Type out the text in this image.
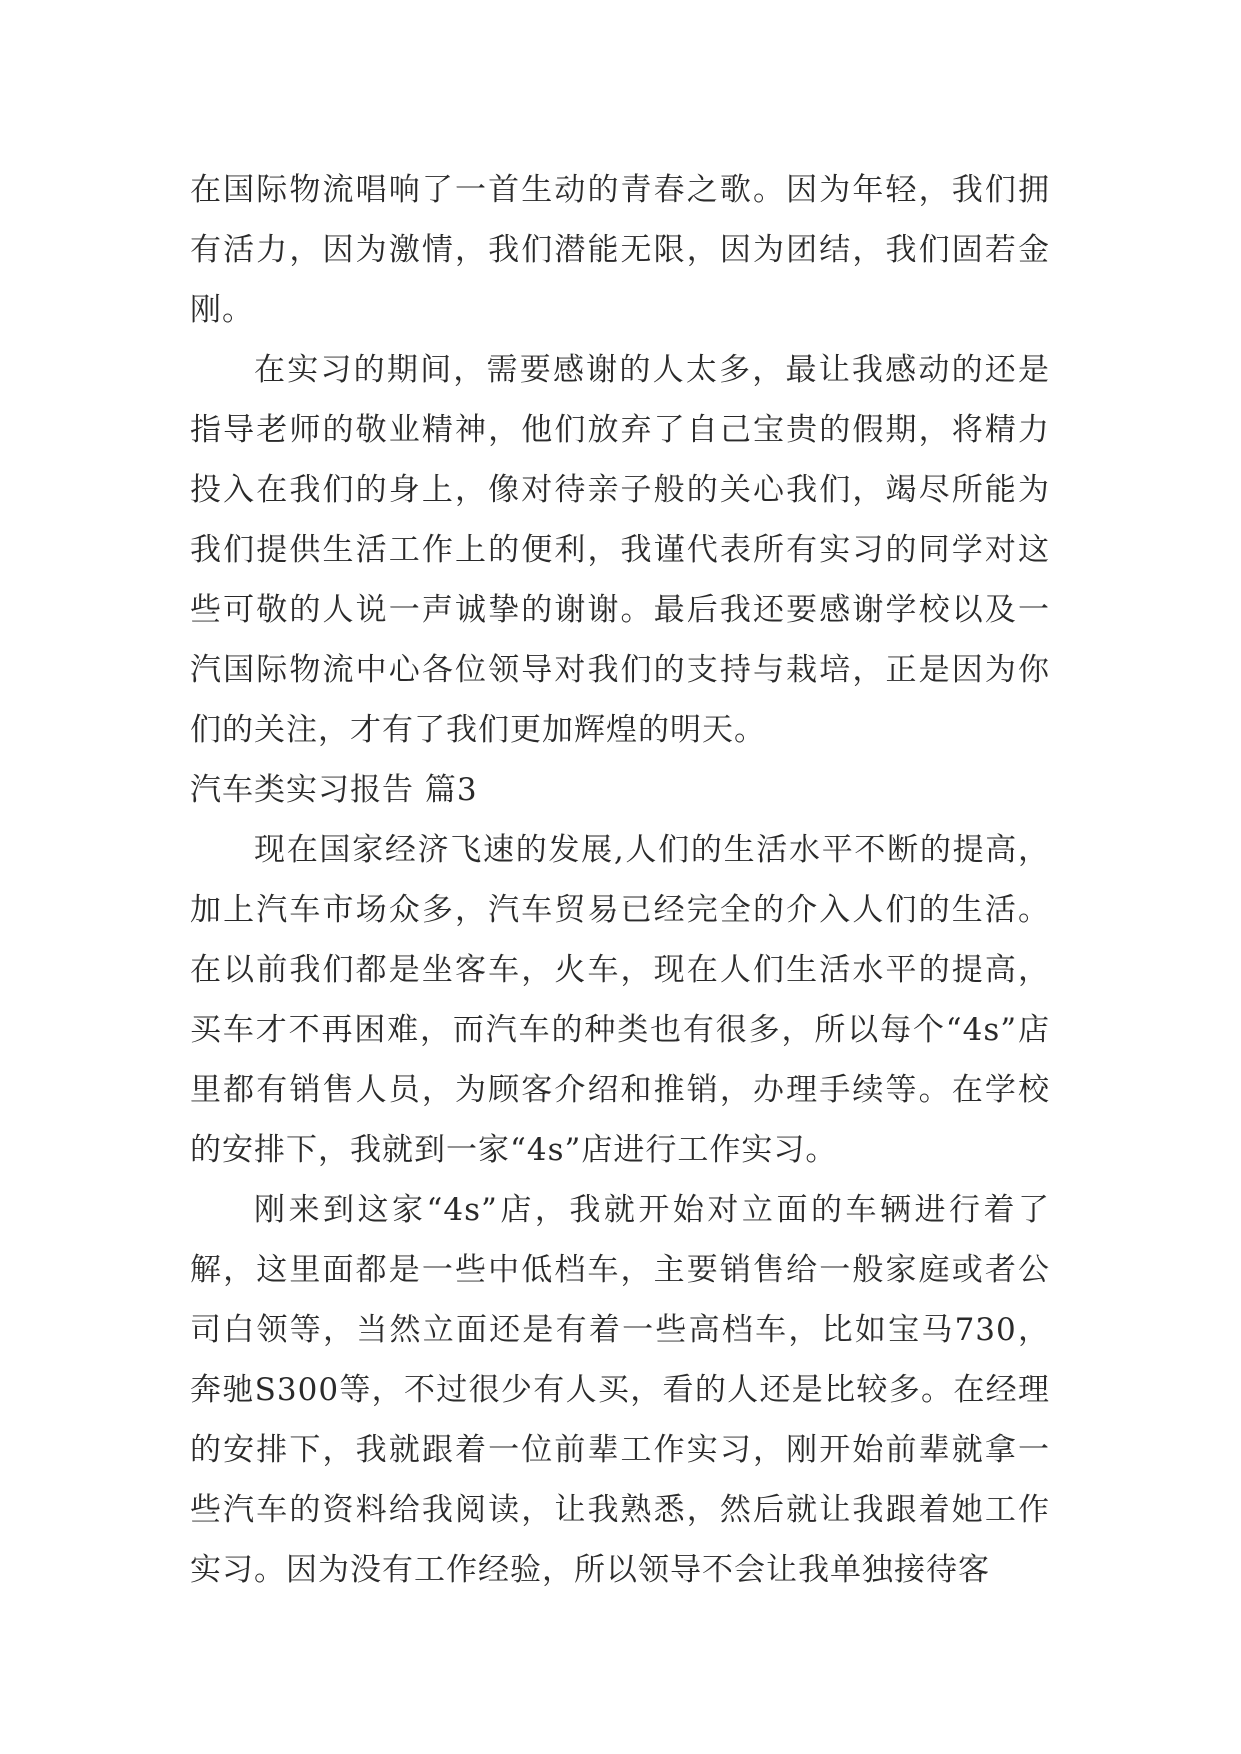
在国际物流唱响了一首生动的青春之歌。因为年轻，我们拥有活力，因为激情，我们潜能无限，因为团结，我们固若金刚。

在实习的期间，需要感谢的人太多，最让我感动的还是指导老师的敬业精神，他们放弃了自己宝贵的假期，将精力投入在我们的身上，像对待亲子般的关心我们，竭尽所能为我们提供生活工作上的便利，我谨代表所有实习的同学对这些可敬的人说一声诚挚的谢谢。最后我还要感谢学校以及一汽国际物流中心各位领导对我们的支持与栽培，正是因为你们的关注，才有了我们更加辉煌的明天。

汽车类实习报告 篇3

现在国家经济飞速的发展,人们的生活水平不断的提高，加上汽车市场众多，汽车贸易已经完全的介入人们的生活。在以前我们都是坐客车，火车，现在人们生活水平的提高，买车才不再困难，而汽车的种类也有很多，所以每个“4s”店里都有销售人员，为顾客介绍和推销，办理手续等。在学校的安排下，我就到一家“4s”店进行工作实习。

刚来到这家“4s”店，我就开始对立面的车辆进行着了解，这里面都是一些中低档车，主要销售给一般家庭或者公司白领等，当然立面还是有着一些高档车，比如宝马730，奔驰S300等，不过很少有人买，看的人还是比较多。在经理的安排下，我就跟着一位前辈工作实习，刚开始前辈就拿一些汽车的资料给我阅读，让我熟悉，然后就让我跟着她工作实习。因为没有工作经验，所以领导不会让我单独接待客
